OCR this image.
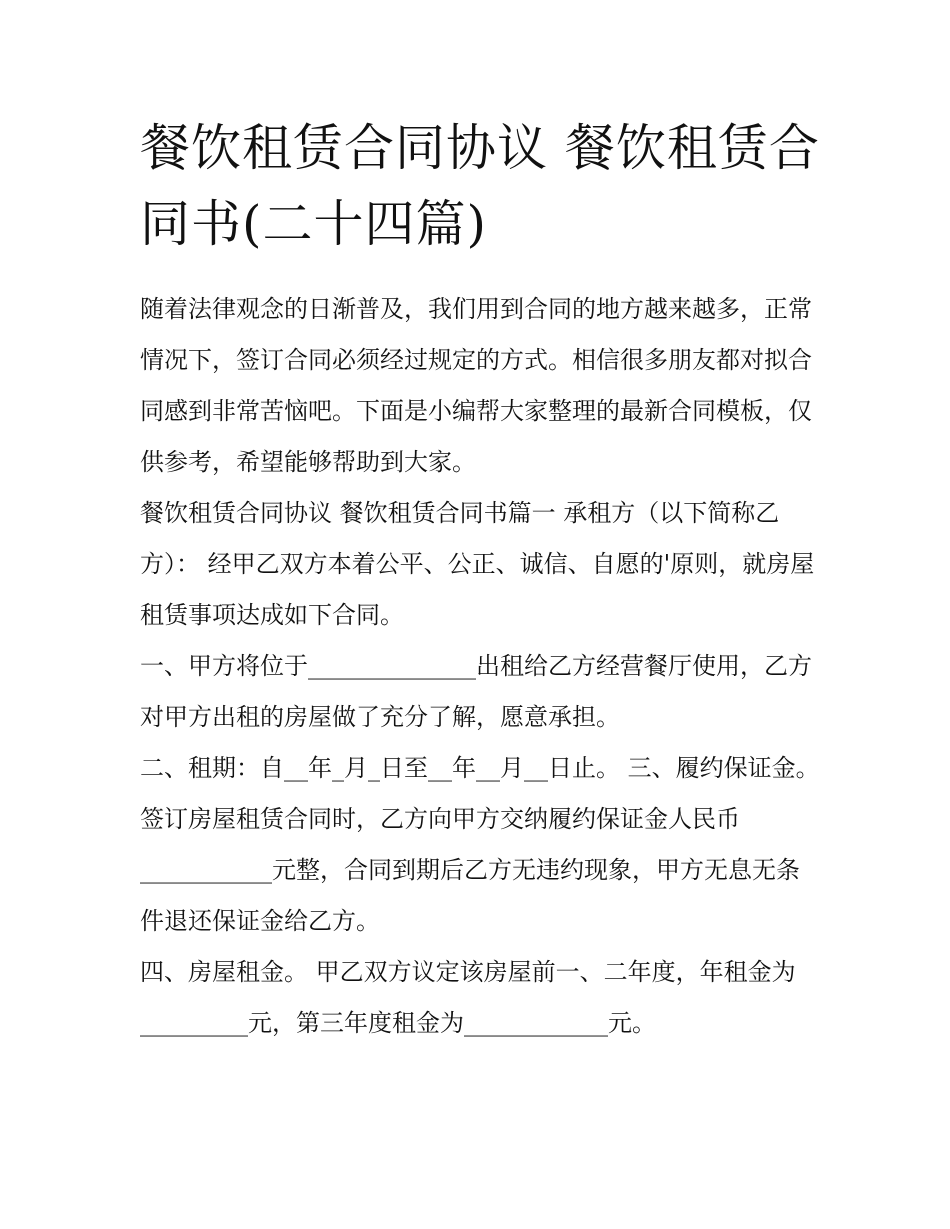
餐饮租赁合同协议 餐饮租赁合同书(二十四篇)

随着法律观念的日渐普及，我们用到合同的地方越来越多，正常情况下，签订合同必须经过规定的方式。相信很多朋友都对拟合同感到非常苦恼吧。下面是小编帮大家整理的最新合同模板，仅供参考，希望能够帮助到大家。

餐饮租赁合同协议 餐饮租赁合同书篇一 承租方（以下简称乙方）： 经甲乙双方本着公平、公正、诚信、自愿的'原则，就房屋租赁事项达成如下合同。

一、甲方将位于______________出租给乙方经营餐厅使用，乙方对甲方出租的房屋做了充分了解，愿意承担。

二、租期：自__年_月_日至__年__月__日止。 三、履约保证金。

签订房屋租赁合同时，乙方向甲方交纳履约保证金人民币___________元整，合同到期后乙方无违约现象，甲方无息无条件退还保证金给乙方。

四、房屋租金。 甲乙双方议定该房屋前一、二年度，年租金为_________元，第三年度租金为____________元。
